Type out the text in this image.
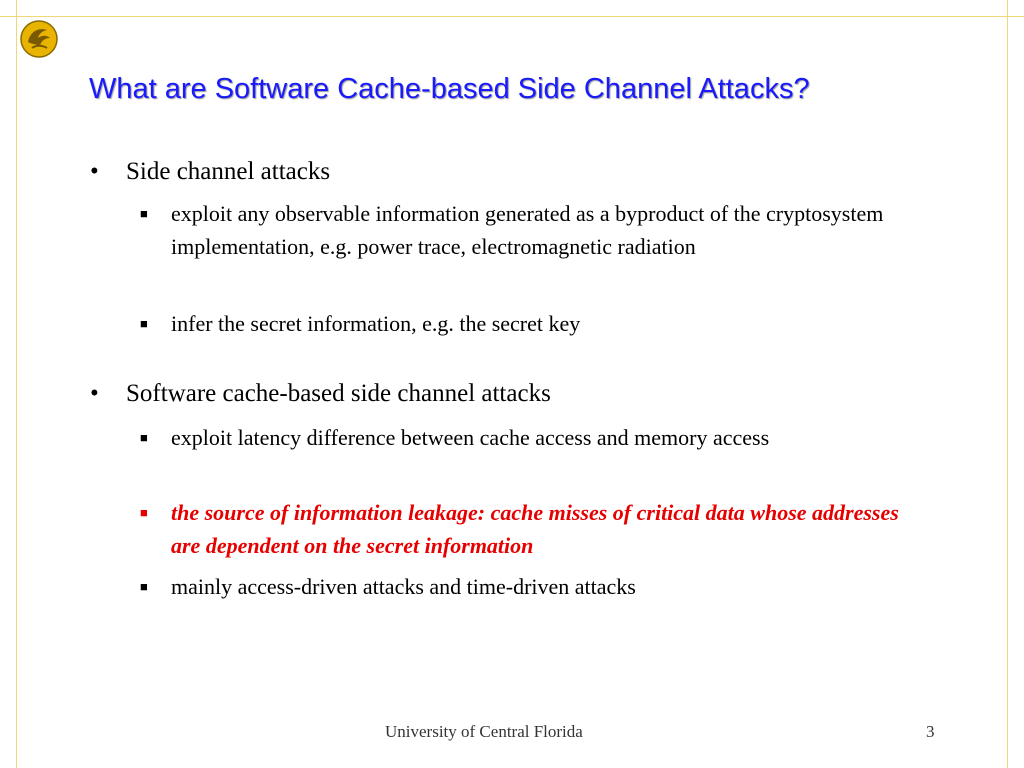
What are Software Cache-based Side Channel Attacks?
•	Side channel attacks
■ exploit any observable information generated as a byproduct of the cryptosystem implementation, e.g. power trace, electromagnetic radiation
■ infer the secret information, e.g. the secret key
•	Software cache-based side channel attacks
■ exploit latency difference between cache access and memory access
■ the source of information leakage: cache misses of critical data whose addresses are dependent on the secret information
■ mainly access-driven attacks and time-driven attacks
University of Central Florida	3
